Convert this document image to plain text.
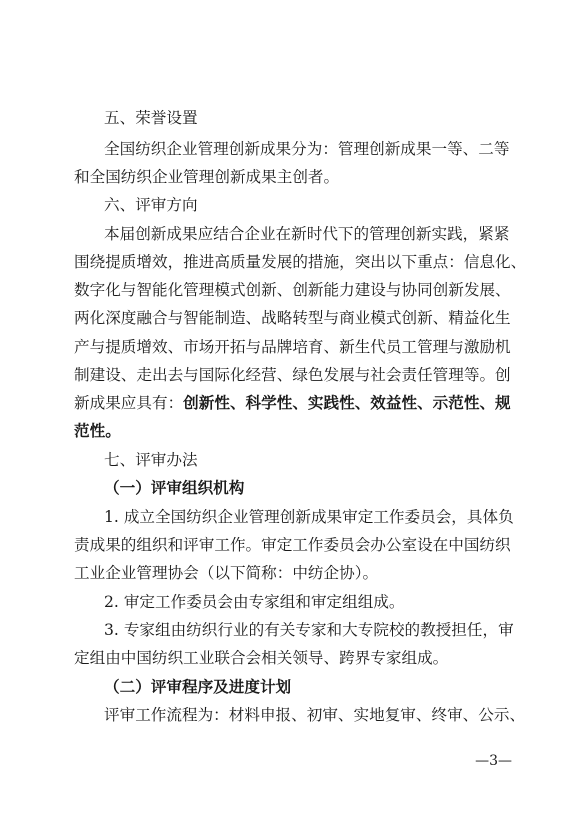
五、荣誉设置
全国纺织企业管理创新成果分为：管理创新成果一等、二等
和全国纺织企业管理创新成果主创者。
六、评审方向
本届创新成果应结合企业在新时代下的管理创新实践，紧紧
围绕提质增效，推进高质量发展的措施，突出以下重点：信息化、
数字化与智能化管理模式创新、创新能力建设与协同创新发展、
两化深度融合与智能制造、战略转型与商业模式创新、精益化生
产与提质增效、市场开拓与品牌培育、新生代员工管理与激励机
制建设、走出去与国际化经营、绿色发展与社会责任管理等。创
新成果应具有：创新性、科学性、实践性、效益性、示范性、规
范性。
七、评审办法
（一）评审组织机构
1. 成立全国纺织企业管理创新成果审定工作委员会，具体负
责成果的组织和评审工作。审定工作委员会办公室设在中国纺织
工业企业管理协会（以下简称：中纺企协）。
2. 审定工作委员会由专家组和审定组组成。
3. 专家组由纺织行业的有关专家和大专院校的教授担任，审
定组由中国纺织工业联合会相关领导、跨界专家组成。
（二）评审程序及进度计划
评审工作流程为：材料申报、初审、实地复审、终审、公示、
—3—
